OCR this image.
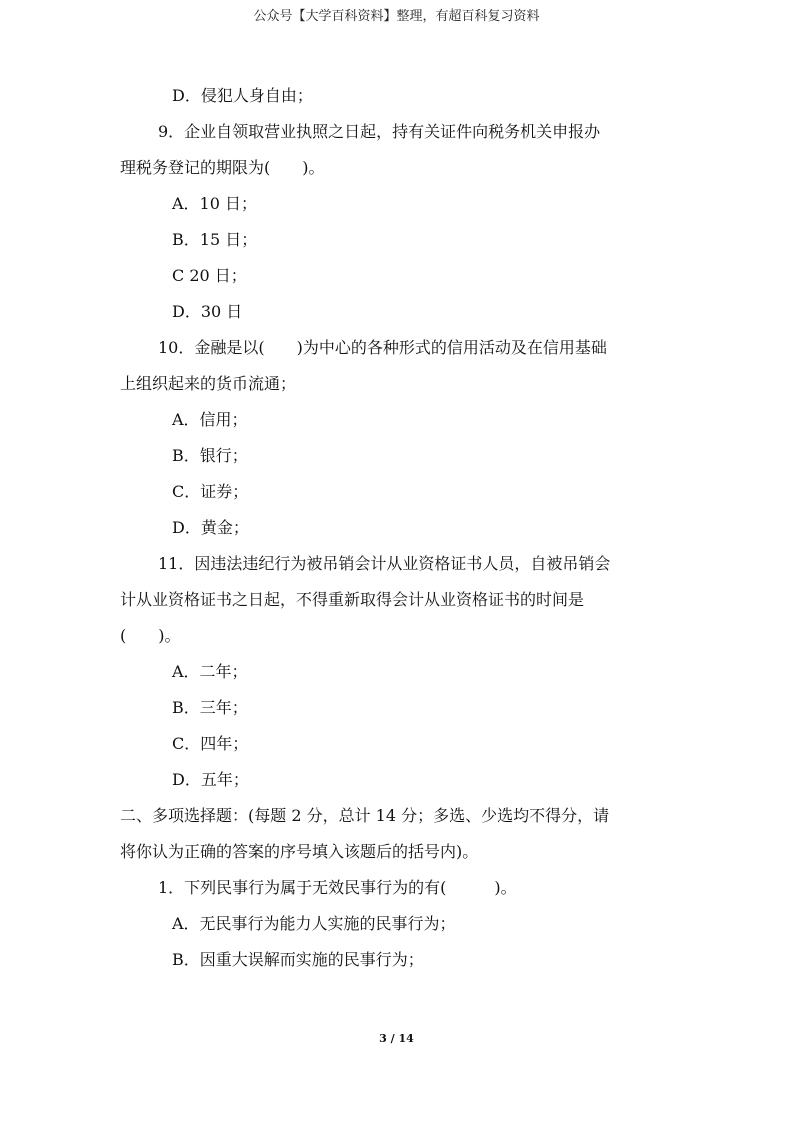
公众号【大学百科资料】整理，有超百科复习资料

D．侵犯人身自由；

9．企业自领取营业执照之日起，持有关证件向税务机关申报办

理税务登记的期限为(　　)。

A．10 日；

B．15 日；

C 20 日；

D．30 日

10．金融是以(　　)为中心的各种形式的信用活动及在信用基础

上组织起来的货币流通；

A．信用；

B．银行；

C．证券；

D．黄金；

11．因违法违纪行为被吊销会计从业资格证书人员，自被吊销会

计从业资格证书之日起，不得重新取得会计从业资格证书的时间是

(　　)。

A．二年；

B．三年；

C．四年；

D．五年；

二、多项选择题：(每题 2 分，总计 14 分；多选、少选均不得分，请

将你认为正确的答案的序号填入该题后的括号内)。

1．下列民事行为属于无效民事行为的有(　　　)。

A．无民事行为能力人实施的民事行为；

B．因重大误解而实施的民事行为；

3 / 14
